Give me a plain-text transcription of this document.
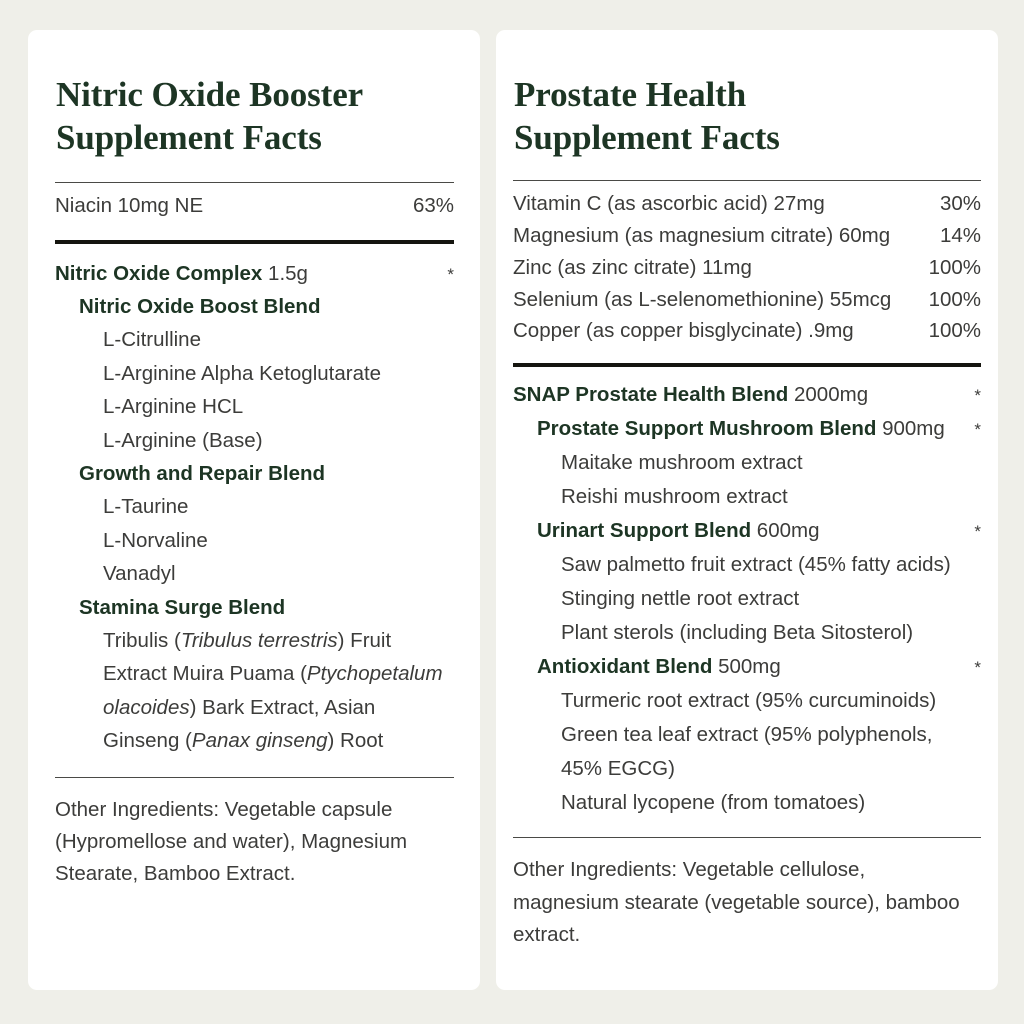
Nitric Oxide Booster
Supplement Facts
Niacin 10mg NE	63%
Nitric Oxide Complex 1.5g	*
Nitric Oxide Boost Blend
L-Citrulline
L-Arginine Alpha Ketoglutarate
L-Arginine HCL
L-Arginine (Base)
Growth and Repair Blend
L-Taurine
L-Norvaline
Vanadyl
Stamina Surge Blend
Tribulis (Tribulus terrestris) Fruit Extract Muira Puama (Ptychopetalum olacoides) Bark Extract, Asian Ginseng (Panax ginseng) Root
Other Ingredients: Vegetable capsule (Hypromellose and water), Magnesium Stearate, Bamboo Extract.
Prostate Health
Supplement Facts
Vitamin C (as ascorbic acid) 27mg	30%
Magnesium (as magnesium citrate) 60mg	14%
Zinc (as zinc citrate) 11mg	100%
Selenium (as L-selenomethionine) 55mcg	100%
Copper (as copper bisglycinate) .9mg	100%
SNAP Prostate Health Blend 2000mg	*
Prostate Support Mushroom Blend 900mg	*
Maitake mushroom extract
Reishi mushroom extract
Urinart Support Blend 600mg	*
Saw palmetto fruit extract (45% fatty acids)
Stinging nettle root extract
Plant sterols (including Beta Sitosterol)
Antioxidant Blend 500mg	*
Turmeric root extract (95% curcuminoids)
Green tea leaf extract (95% polyphenols, 45% EGCG)
Natural lycopene (from tomatoes)
Other Ingredients: Vegetable cellulose, magnesium stearate (vegetable source), bamboo extract.
